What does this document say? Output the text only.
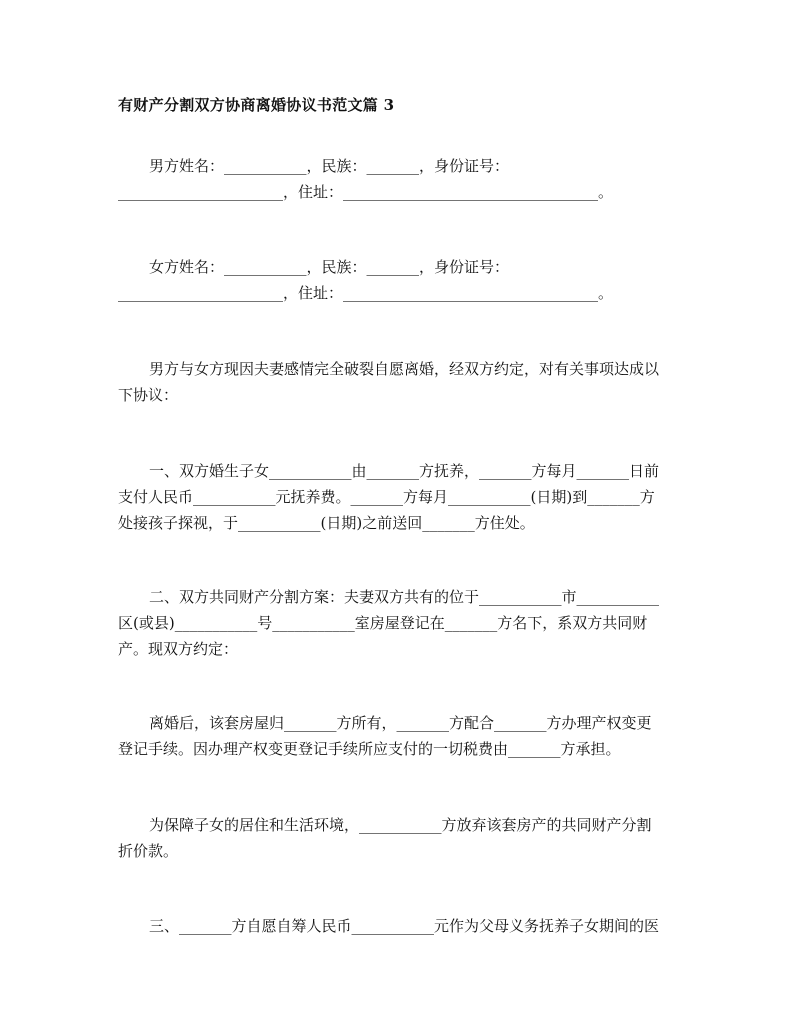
有财产分割双方协商离婚协议书范文篇 3
男方姓名：___________，民族：_______，身份证号：
______________________，住址：__________________________________。
女方姓名：___________，民族：_______，身份证号：
______________________，住址：__________________________________。
男方与女方现因夫妻感情完全破裂自愿离婚，经双方约定，对有关事项达成以
下协议：
一、双方婚生子女___________由_______方抚养，_______方每月_______日前
支付人民币___________元抚养费。_______方每月___________(日期)到_______方
处接孩子探视，于___________(日期)之前送回_______方住处。
二、双方共同财产分割方案：夫妻双方共有的位于___________市___________
区(或县)___________号___________室房屋登记在_______方名下，系双方共同财
产。现双方约定：
离婚后，该套房屋归_______方所有，_______方配合_______方办理产权变更
登记手续。因办理产权变更登记手续所应支付的一切税费由_______方承担。
为保障子女的居住和生活环境，___________方放弃该套房产的共同财产分割
折价款。
三、_______方自愿自筹人民币___________元作为父母义务抚养子女期间的医
